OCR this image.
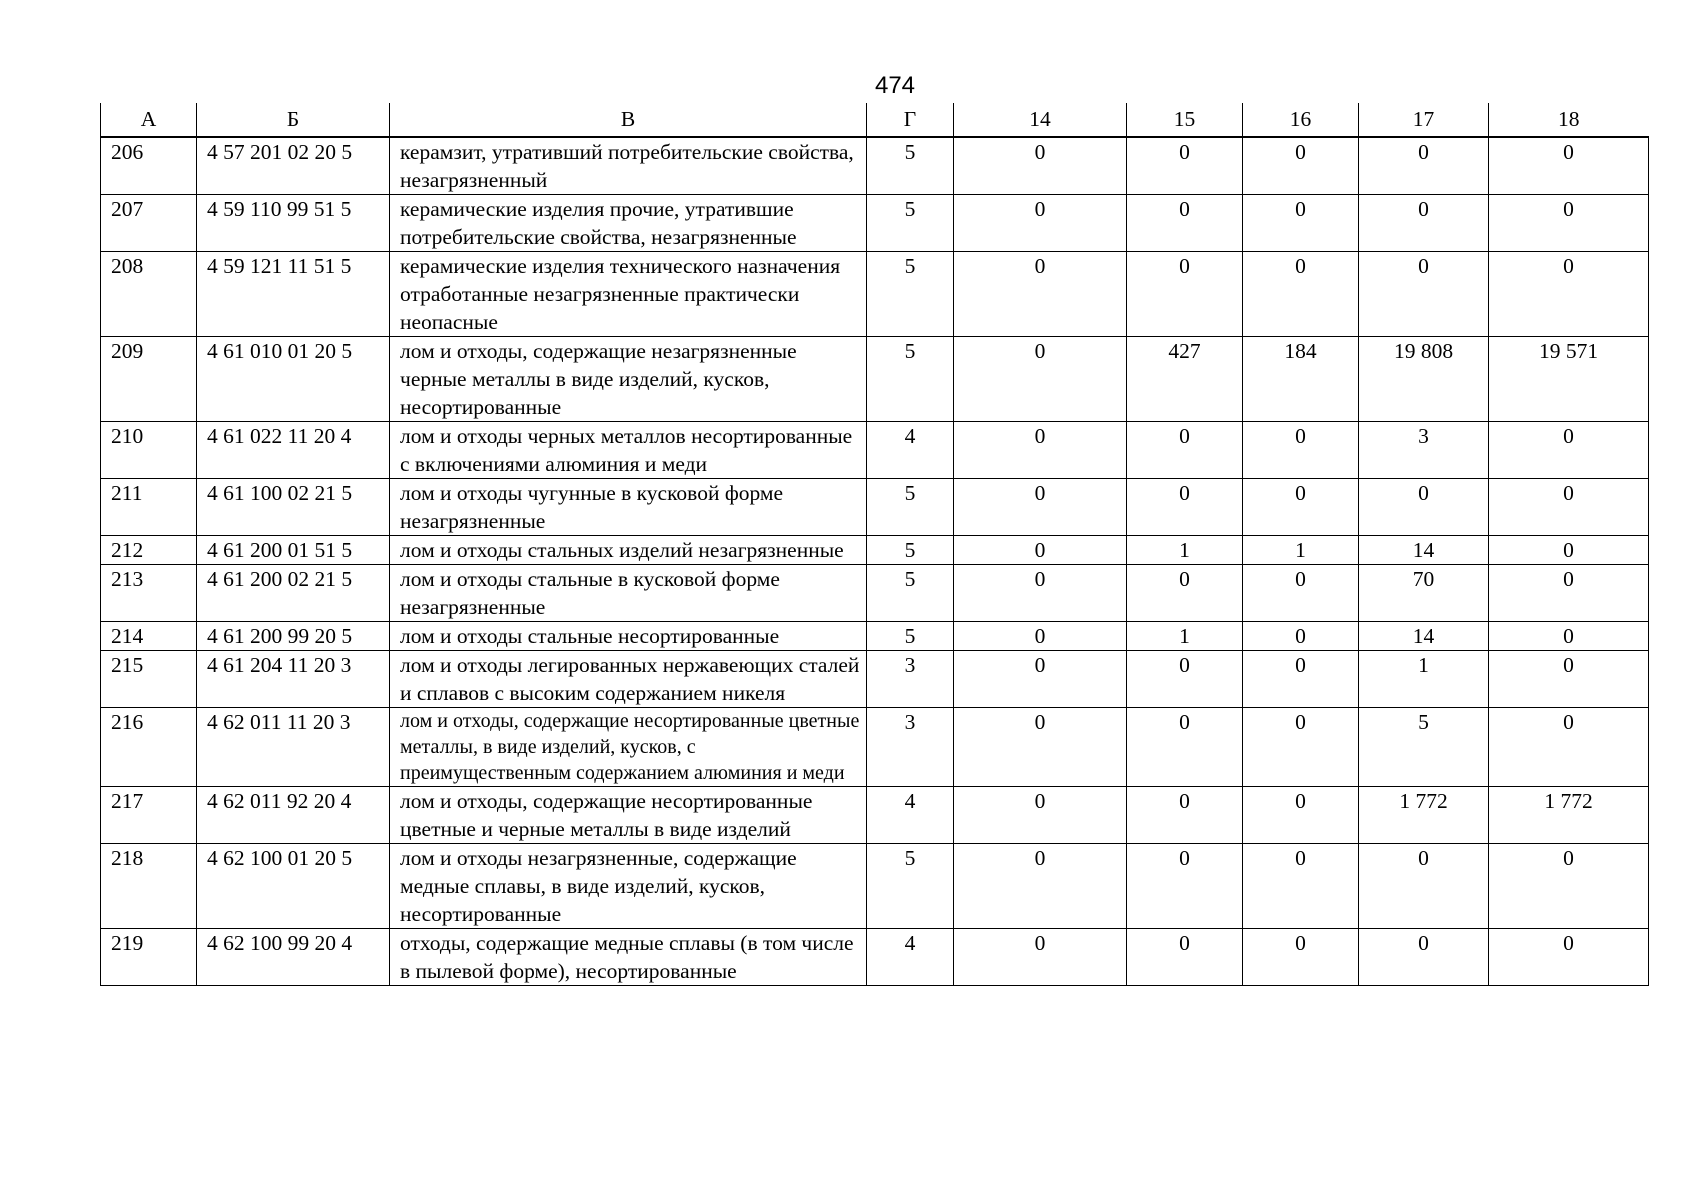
474
А	Б	В	Г	14	15	16	17	18
206	4 57 201 02 20 5	керамзит, утративший потребительские свойства, незагрязненный	5	0	0	0	0	0
207	4 59 110 99 51 5	керамические изделия прочие, утратившие потребительские свойства, незагрязненные	5	0	0	0	0	0
208	4 59 121 11 51 5	керамические изделия технического назначения отработанные незагрязненные практически неопасные	5	0	0	0	0	0
209	4 61 010 01 20 5	лом и отходы, содержащие незагрязненные черные металлы в виде изделий, кусков, несортированные	5	0	427	184	19 808	19 571
210	4 61 022 11 20 4	лом и отходы черных металлов несортированные с включениями алюминия и меди	4	0	0	0	3	0
211	4 61 100 02 21 5	лом и отходы чугунные в кусковой форме незагрязненные	5	0	0	0	0	0
212	4 61 200 01 51 5	лом и отходы стальных изделий незагрязненные	5	0	1	1	14	0
213	4 61 200 02 21 5	лом и отходы стальные в кусковой форме незагрязненные	5	0	0	0	70	0
214	4 61 200 99 20 5	лом и отходы стальные несортированные	5	0	1	0	14	0
215	4 61 204 11 20 3	лом и отходы легированных нержавеющих сталей и сплавов с высоким содержанием никеля	3	0	0	0	1	0
216	4 62 011 11 20 3	лом и отходы, содержащие несортированные цветные металлы, в виде изделий, кусков, с преимущественным содержанием алюминия и меди	3	0	0	0	5	0
217	4 62 011 92 20 4	лом и отходы, содержащие несортированные цветные и черные металлы в виде изделий	4	0	0	0	1 772	1 772
218	4 62 100 01 20 5	лом и отходы незагрязненные, содержащие медные сплавы, в виде изделий, кусков, несортированные	5	0	0	0	0	0
219	4 62 100 99 20 4	отходы, содержащие медные сплавы (в том числе в пылевой форме), несортированные	4	0	0	0	0	0
